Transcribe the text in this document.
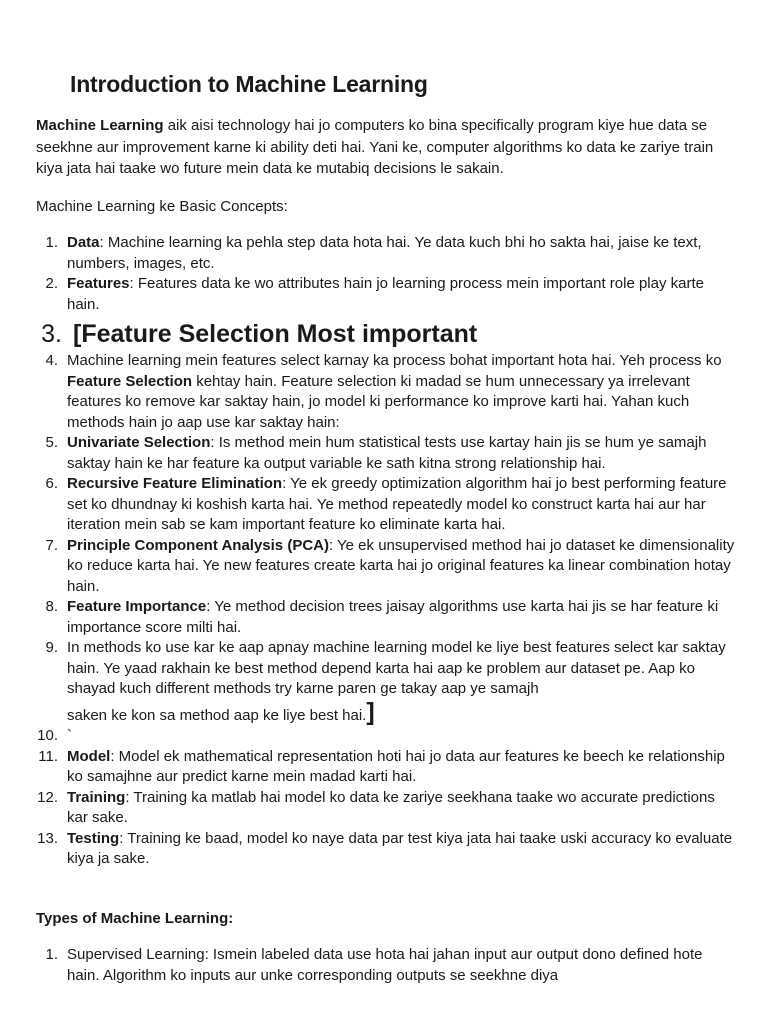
Introduction to Machine Learning

Machine Learning aik aisi technology hai jo computers ko bina specifically program kiye hue data se seekhne aur improvement karne ki ability deti hai. Yani ke, computer algorithms ko data ke zariye train kiya jata hai taake wo future mein data ke mutabiq decisions le sakain.

Machine Learning ke Basic Concepts:

1. Data: Machine learning ka pehla step data hota hai. Ye data kuch bhi ho sakta hai, jaise ke text, numbers, images, etc.
2. Features: Features data ke wo attributes hain jo learning process mein important role play karte hain.
3. [Feature Selection Most important
4. Machine learning mein features select karnay ka process bohat important hota hai. Yeh process ko Feature Selection kehtay hain. Feature selection ki madad se hum unnecessary ya irrelevant features ko remove kar saktay hain, jo model ki performance ko improve karti hai. Yahan kuch methods hain jo aap use kar saktay hain:
5. Univariate Selection: Is method mein hum statistical tests use kartay hain jis se hum ye samajh saktay hain ke har feature ka output variable ke sath kitna strong relationship hai.
6. Recursive Feature Elimination: Ye ek greedy optimization algorithm hai jo best performing feature set ko dhundnay ki koshish karta hai. Ye method repeatedly model ko construct karta hai aur har iteration mein sab se kam important feature ko eliminate karta hai.
7. Principle Component Analysis (PCA): Ye ek unsupervised method hai jo dataset ke dimensionality ko reduce karta hai. Ye new features create karta hai jo original features ka linear combination hotay hain.
8. Feature Importance: Ye method decision trees jaisay algorithms use karta hai jis se har feature ki importance score milti hai.
9. In methods ko use kar ke aap apnay machine learning model ke liye best features select kar saktay hain. Ye yaad rakhain ke best method depend karta hai aap ke problem aur dataset pe. Aap ko shayad kuch different methods try karne paren ge takay aap ye samajh
saken ke kon sa method aap ke liye best hai.]
10. `
11. Model: Model ek mathematical representation hoti hai jo data aur features ke beech ke relationship ko samajhne aur predict karne mein madad karti hai.
12. Training: Training ka matlab hai model ko data ke zariye seekhana taake wo accurate predictions kar sake.
13. Testing: Training ke baad, model ko naye data par test kiya jata hai taake uski accuracy ko evaluate kiya ja sake.

Types of Machine Learning:

1. Supervised Learning: Ismein labeled data use hota hai jahan input aur output dono defined hote hain. Algorithm ko inputs aur unke corresponding outputs se seekhne diya
